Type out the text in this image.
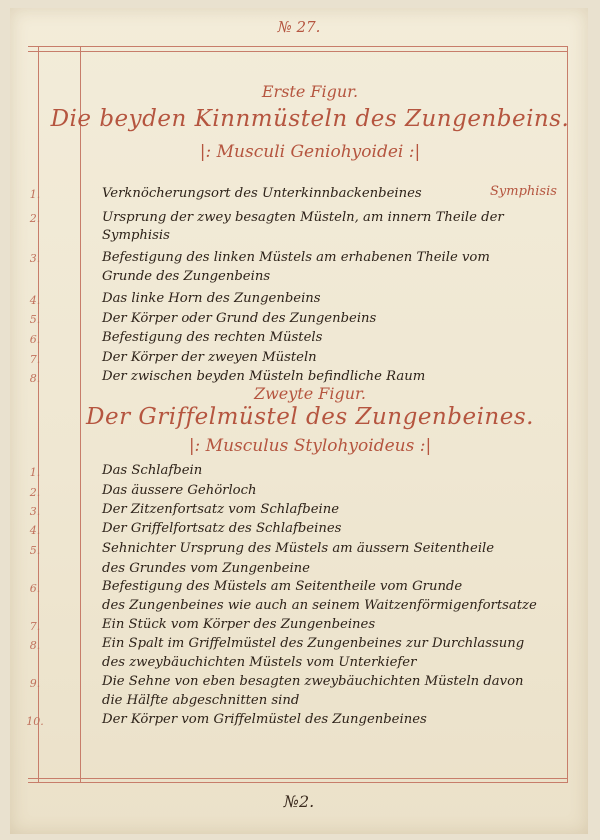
№ 27.
Erste Figur.
Die beyden Kinnmüsteln des Zungenbeins.
|: Musculi Geniohyoidei :|
Symphisis
1.	Verknöcherungsort des Unterkinnbackenbeines
2.	Ursprung der zwey besagten Müsteln, am innern Theile der
Symphisis
3.	Befestigung des linken Müstels am erhabenen Theile vom
Grunde des Zungenbeins
4.	Das linke Horn des Zungenbeins
5.	Der Körper oder Grund des Zungenbeins
6.	Befestigung des rechten Müstels
7.	Der Körper der zweyen Müsteln
8.	Der zwischen beyden Müsteln befindliche Raum
Zweyte Figur.
Der Griffelmüstel des Zungenbeines.
|: Musculus Stylohyoideus :|
1.	Das Schlafbein
2.	Das äussere Gehörloch
3.	Der Zitzenfortsatz vom Schlafbeine
4.	Der Griffelfortsatz des Schlafbeines
5.	Sehnichter Ursprung des Müstels am äussern Seitentheile
des Grundes vom Zungenbeine
6.	Befestigung des Müstels am Seitentheile vom Grunde
des Zungenbeines wie auch an seinem Waitzenförmigenfortsatze
7.	Ein Stück vom Körper des Zungenbeines
8.	Ein Spalt im Griffelmüstel des Zungenbeines zur Durchlassung
des zweybäuchichten Müstels vom Unterkiefer
9.	Die Sehne von eben besagten zweybäuchichten Müsteln davon
die Hälfte abgeschnitten sind
10.	Der Körper vom Griffelmüstel des Zungenbeines
№2.
